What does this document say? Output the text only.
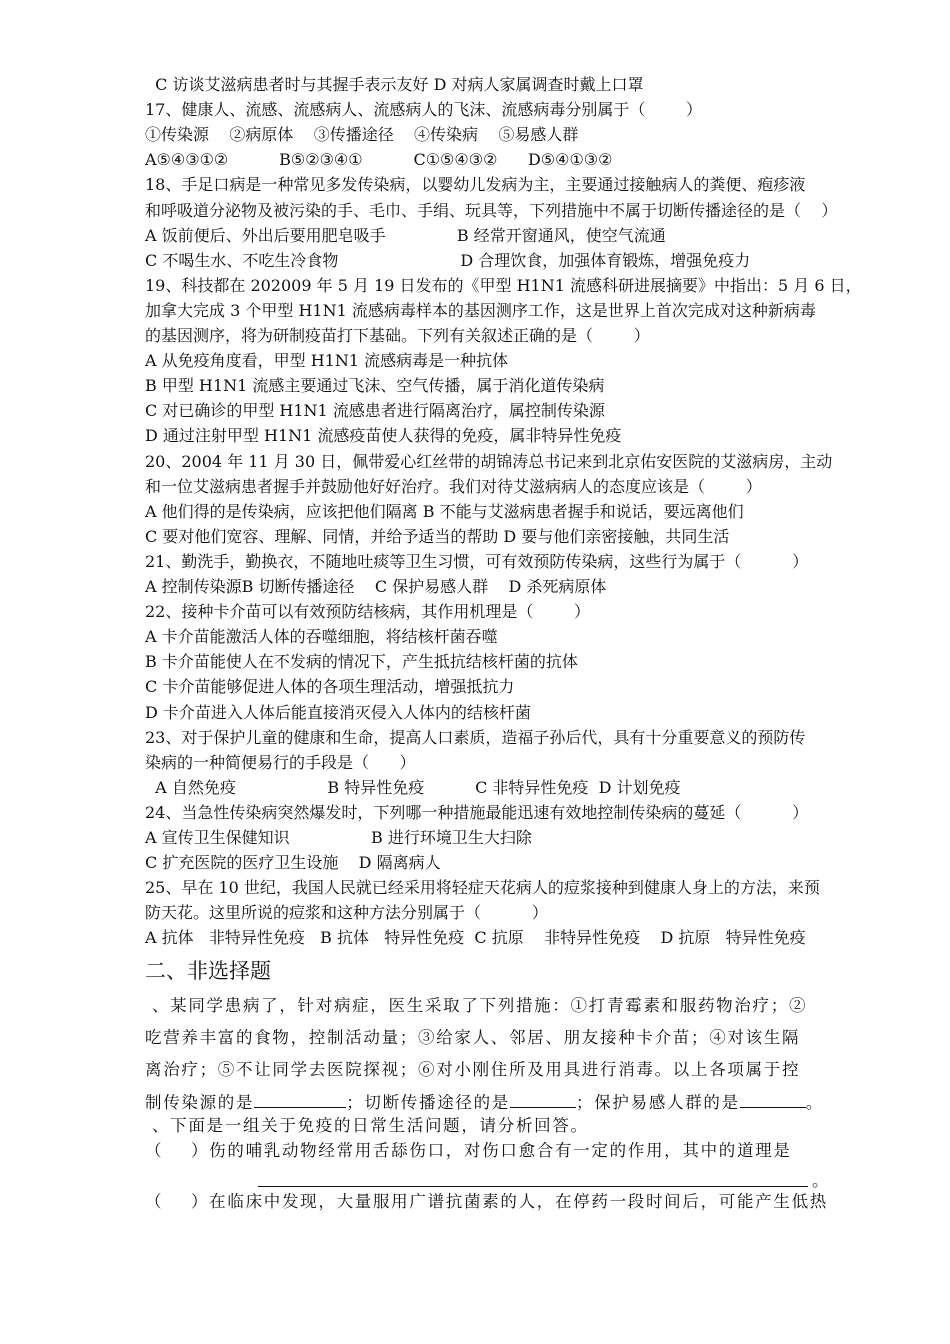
C 访谈艾滋病患者时与其握手表示友好 D 对病人家属调查时戴上口罩
17、健康人、流感、流感病人、流感病人的飞沫、流感病毒分别属于（        ）
①传染源    ②病原体    ③传播途径    ④传染病    ⑤易感人群
A⑤④③①②          B⑤②③④①          C①⑤④③②      D⑤④①③②
18、手足口病是一种常见多发传染病，以婴幼儿发病为主，主要通过接触病人的粪便、疱疹液
和呼吸道分泌物及被污染的手、毛巾、手绢、玩具等，下列措施中不属于切断传播途径的是（    ）
A 饭前便后、外出后要用肥皂吸手              B 经常开窗通风，使空气流通
C 不喝生水、不吃生冷食物                        D 合理饮食，加强体育锻炼，增强免疫力
19、科技都在 202009 年 5 月 19 日发布的《甲型 H1N1 流感科研进展摘要》中指出：5 月 6 日，
加拿大完成 3 个甲型 H1N1 流感病毒样本的基因测序工作，这是世界上首次完成对这种新病毒
的基因测序，将为研制疫苗打下基础。下列有关叙述正确的是（        ）
A 从免疫角度看，甲型 H1N1 流感病毒是一种抗体
B 甲型 H1N1 流感主要通过飞沫、空气传播，属于消化道传染病
C 对已确诊的甲型 H1N1 流感患者进行隔离治疗，属控制传染源
D 通过注射甲型 H1N1 流感疫苗使人获得的免疫，属非特异性免疫
20、2004 年 11 月 30 日，佩带爱心红丝带的胡锦涛总书记来到北京佑安医院的艾滋病房，主动
和一位艾滋病患者握手并鼓励他好好治疗。我们对待艾滋病病人的态度应该是（        ）
A 他们得的是传染病，应该把他们隔离 B 不能与艾滋病患者握手和说话，要远离他们
C 要对他们宽容、理解、同情，并给予适当的帮助 D 要与他们亲密接触，共同生活
21、勤洗手，勤换衣，不随地吐痰等卫生习惯，可有效预防传染病，这些行为属于（          ）
A 控制传染源B 切断传播途径    C 保护易感人群    D 杀死病原体
22、接种卡介苗可以有效预防结核病，其作用机理是（        ）
A 卡介苗能激活人体的吞噬细胞，将结核杆菌吞噬
B 卡介苗能使人在不发病的情况下，产生抵抗结核杆菌的抗体
C 卡介苗能够促进人体的各项生理活动，增强抵抗力
D 卡介苗进入人体后能直接消灭侵入人体内的结核杆菌
23、对于保护儿童的健康和生命，提高人口素质，造福子孙后代，具有十分重要意义的预防传
染病的一种简便易行的手段是（      ）
A 自然免疫                  B 特异性免疫          C 非特异性免疫  D 计划免疫
24、当急性传染病突然爆发时，下列哪一种措施最能迅速有效地控制传染病的蔓延（          ）
A 宣传卫生保健知识                B 进行环境卫生大扫除
C 扩充医院的医疗卫生设施    D 隔离病人
25、早在 10 世纪，我国人民就已经采用将轻症天花病人的痘浆接种到健康人身上的方法，来预
防天花。这里所说的痘浆和这种方法分别属于（          ）
A 抗体   非特异性免疫   B 抗体   特异性免疫  C 抗原    非特异性免疫    D 抗原   特异性免疫
二、非选择题
、某同学患病了，针对病症，医生采取了下列措施：①打青霉素和服药物治疗；②
吃营养丰富的食物，控制活动量；③给家人、邻居、朋友接种卡介苗；④对该生隔
离治疗；⑤不让同学去医院探视；⑥对小刚住所及用具进行消毒。以上各项属于控
制传染源的是	；切断传播途径的是	；保护易感人群的是	。
、下面是一组关于免疫的日常生活问题，请分析回答。
（    ）伤的哺乳动物经常用舌舔伤口，对伤口愈合有一定的作用，其中的道理是
。
（    ）在临床中发现，大量服用广谱抗菌素的人，在停药一段时间后，可能产生低热
